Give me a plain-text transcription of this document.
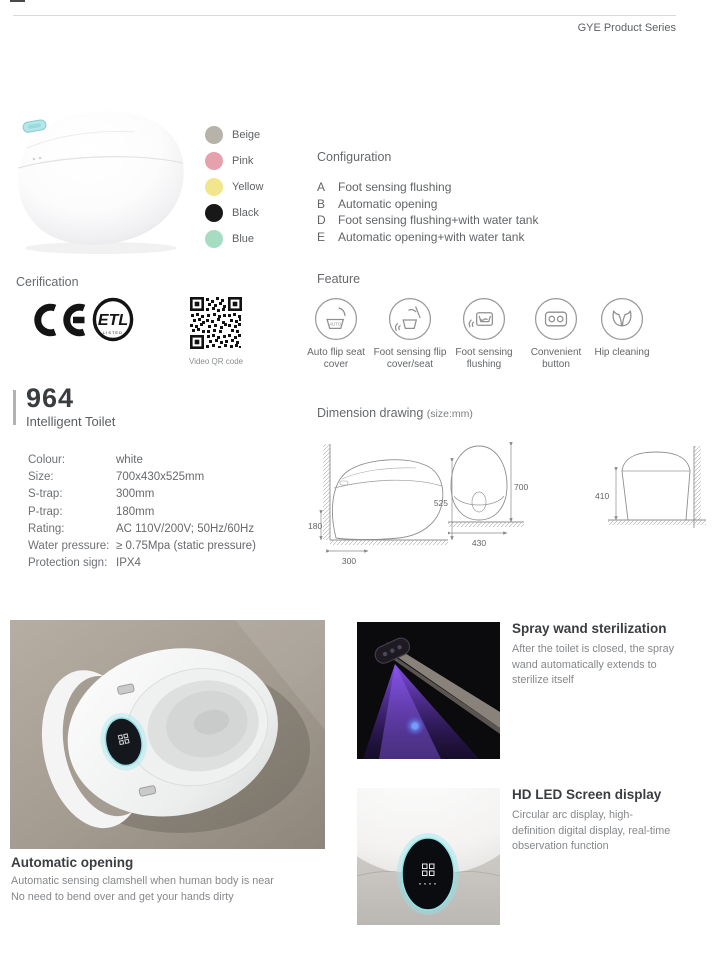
GYE Product Series
Beige
Pink
Yellow
Black
Blue
Configuration
A	Foot sensing flushing
B	Automatic opening
D	Foot sensing flushing+with water tank
E	Automatic opening+with water tank
Cerification
ETL
LISTED
Video QR code
Feature
AUTO
Auto flip seat cover
Foot sensing flip cover/seat
Foot sensing flushing
Convenient button
Hip cleaning
964
Intelligent Toilet
Colour:	white
Size:	700x430x525mm
S-trap:	300mm
P-trap:	180mm
Rating:	AC 110V/200V; 50Hz/60Hz
Water pressure: ≥ 0.75Mpa (static pressure)
Protection sign: IPX4
Dimension drawing (size:mm)
525
180
300
700
430
410
Automatic opening
Automatic sensing clamshell when human body is near
No need to bend over and get your hands dirty
Spray wand sterilization
After the toilet is closed, the spray wand automatically extends to sterilize itself
HD LED Screen display
Circular arc display, high-definition digital display, real-time observation function
